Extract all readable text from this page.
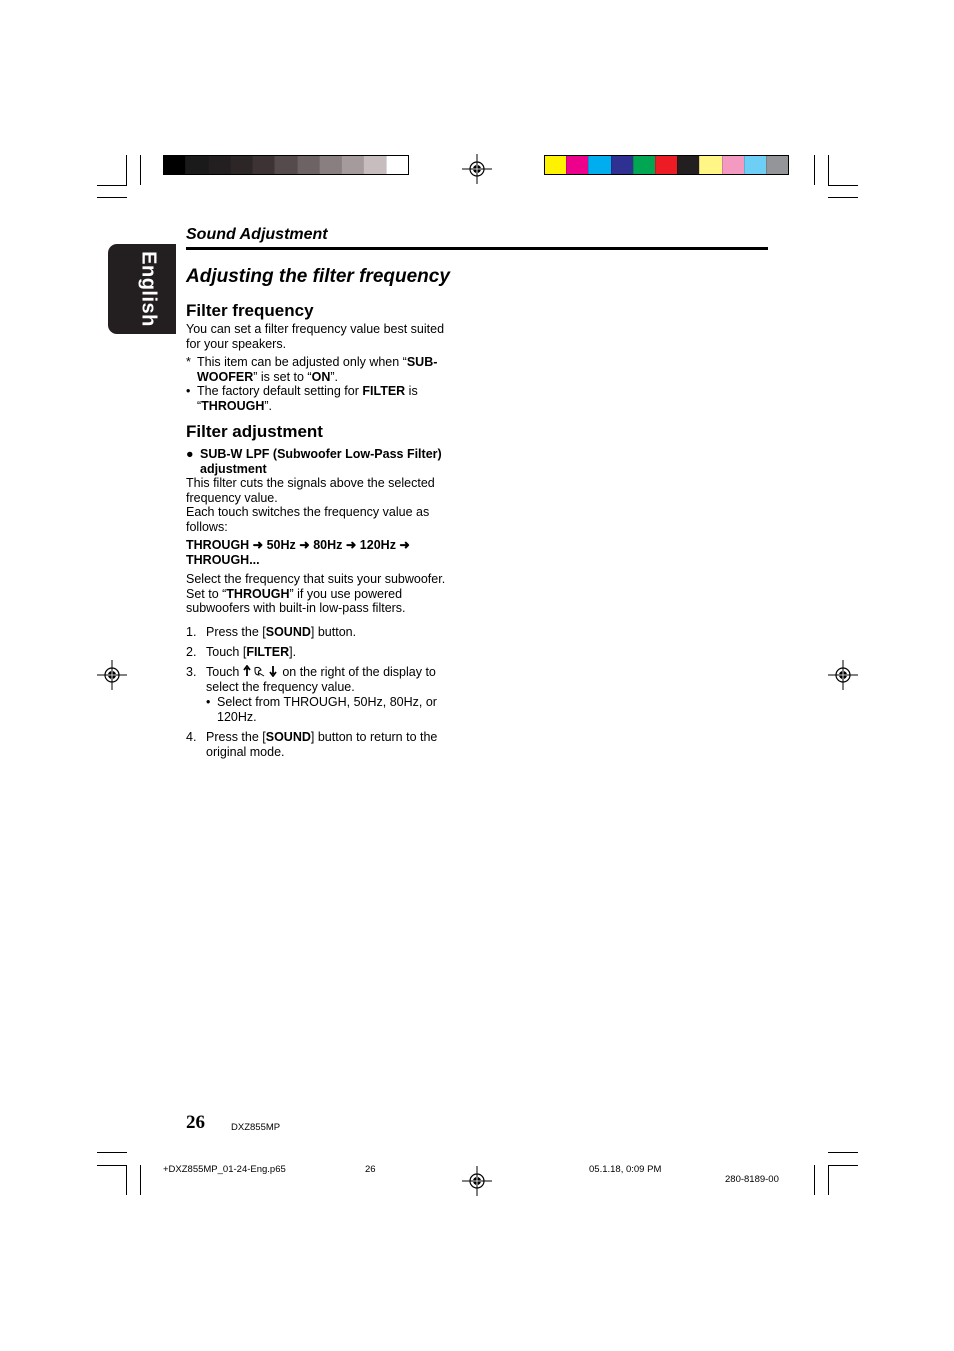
English
Sound Adjustment
Adjusting the filter frequency
Filter frequency
You can set a filter frequency value best suited for your speakers.
* This item can be adjusted only when “SUB-WOOFER” is set to “ON”.
• The factory default setting for FILTER is “THROUGH”.
Filter adjustment
● SUB-W LPF (Subwoofer Low-Pass Filter) adjustment
This filter cuts the signals above the selected frequency value.
Each touch switches the frequency value as follows:
THROUGH ➜ 50Hz ➜ 80Hz ➜ 120Hz ➜ THROUGH...
Select the frequency that suits your subwoofer. Set to “THROUGH” if you use powered subwoofers with built-in low-pass filters.
1. Press the [SOUND] button.
2. Touch [FILTER].
3. Touch	on the right of the display to select the frequency value.
• Select from THROUGH, 50Hz, 80Hz, or 120Hz.
4. Press the [SOUND] button to return to the original mode.
26	DXZ855MP
+DXZ855MP_01-24-Eng.p65	26	05.1.18, 0:09 PM
280-8189-00
